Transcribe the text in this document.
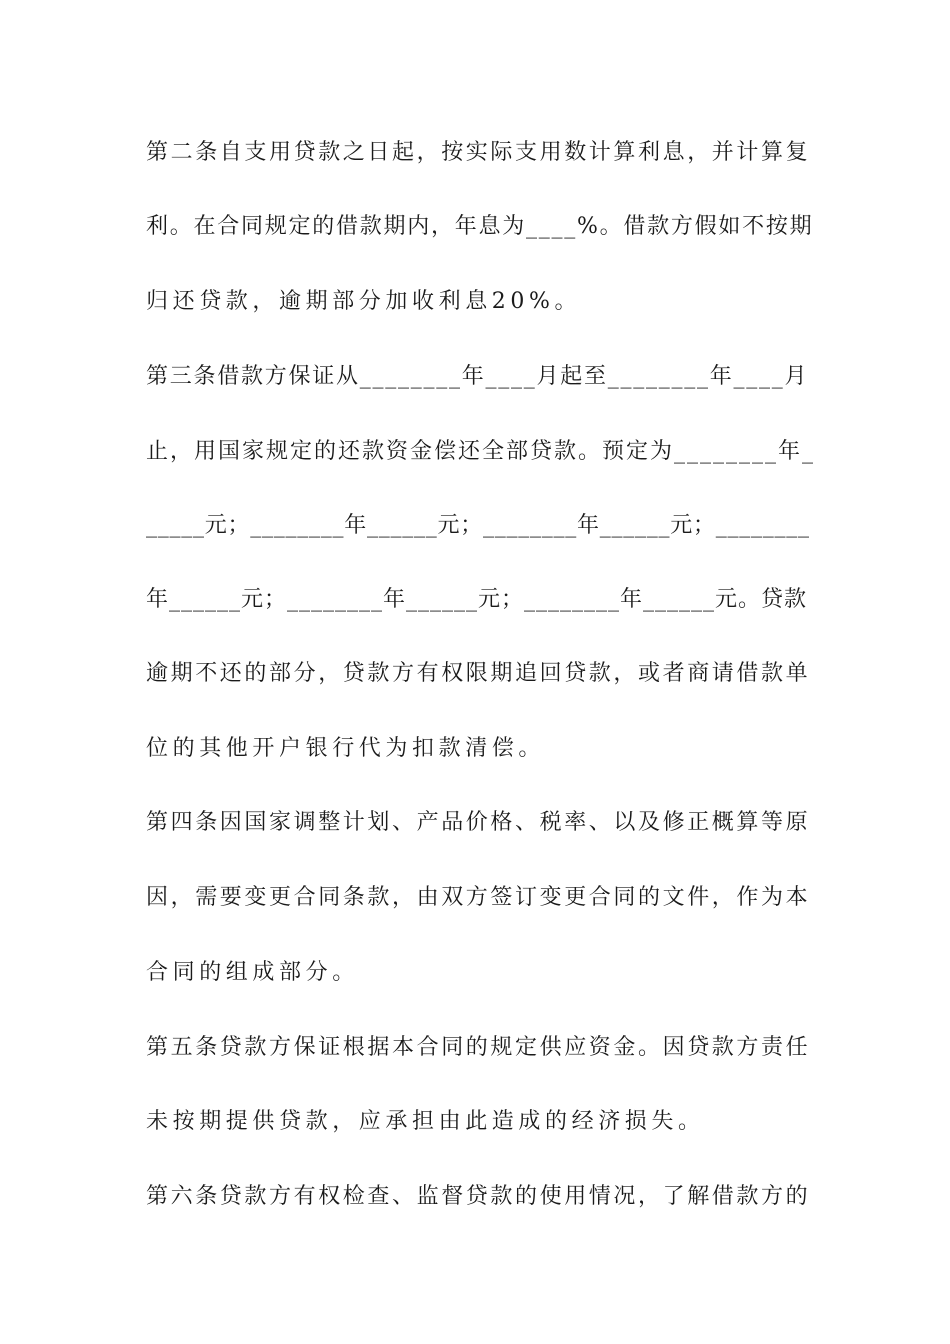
第二条自支用贷款之日起，按实际支用数计算利息，并计算复
利。在合同规定的借款期内，年息为____%。借款方假如不按期
归还贷款，逾期部分加收利息20%。
第三条借款方保证从________年____月起至________年____月
止，用国家规定的还款资金偿还全部贷款。预定为________年_
_____元；________年______元；________年______元；________
年______元；________年______元；________年______元。贷款
逾期不还的部分，贷款方有权限期追回贷款，或者商请借款单
位的其他开户银行代为扣款清偿。
第四条因国家调整计划、产品价格、税率、以及修正概算等原
因，需要变更合同条款，由双方签订变更合同的文件，作为本
合同的组成部分。
第五条贷款方保证根据本合同的规定供应资金。因贷款方责任
未按期提供贷款，应承担由此造成的经济损失。
第六条贷款方有权检查、监督贷款的使用情况，了解借款方的
